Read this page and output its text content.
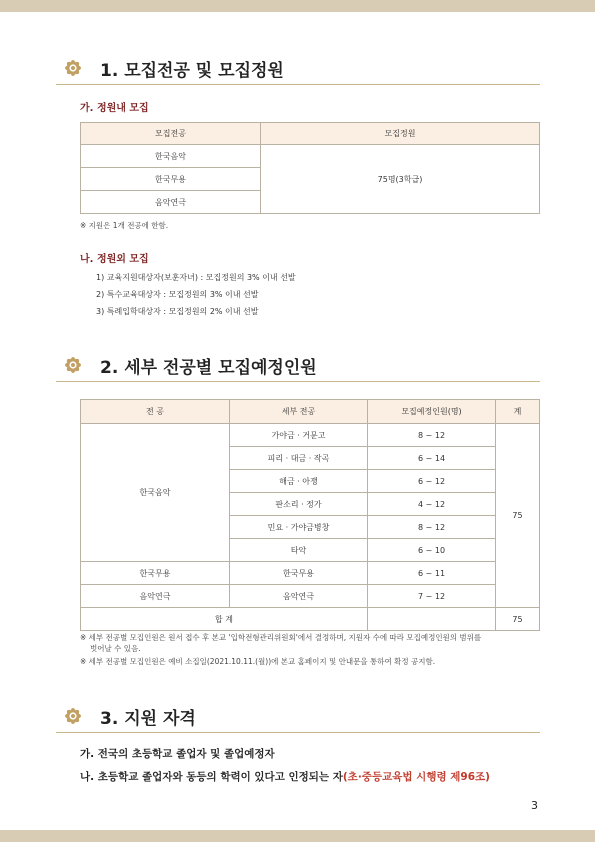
1. 모집전공 및 모집정원
가. 정원내 모집
모집전공	모집정원
한국음악	75명(3학급)
한국무용	
음악연극	
※ 지원은 1개 전공에 한함.
나. 정원외 모집
1) 교육지원대상자(보훈자녀) : 모집정원의 3% 이내 선발
2) 특수교육대상자 : 모집정원의 3% 이내 선발
3) 특례입학대상자 : 모집정원의 2% 이내 선발
2. 세부 전공별 모집예정인원
전 공	세부 전공	모집예정인원(명)	계
한국음악	가야금 · 거문고	8 ~ 12	75
	피리 · 대금 · 작곡	6 ~ 14	
	해금 · 아쟁	6 ~ 12	
	판소리 · 정가	4 ~ 12	
	민요 · 가야금병창	8 ~ 12	
	타악	6 ~ 10	
한국무용	한국무용	6 ~ 11	
음악연극	음악연극	7 ~ 12	
합 계			75
※ 세부 전공별 모집인원은 원서 접수 후 본교 '입학전형관리위원회'에서 결정하며, 지원자 수에 따라 모집예정인원의 범위를
벗어날 수 있음.
※ 세부 전공별 모집인원은 예비 소집일(2021.10.11.(월))에 본교 홈페이지 및 안내문을 통하여 확정 공지함.
3. 지원 자격
가. 전국의 초등학교 졸업자 및 졸업예정자
나. 초등학교 졸업자와 동등의 학력이 있다고 인정되는 자(초·중등교육법 시행령 제96조)
3
